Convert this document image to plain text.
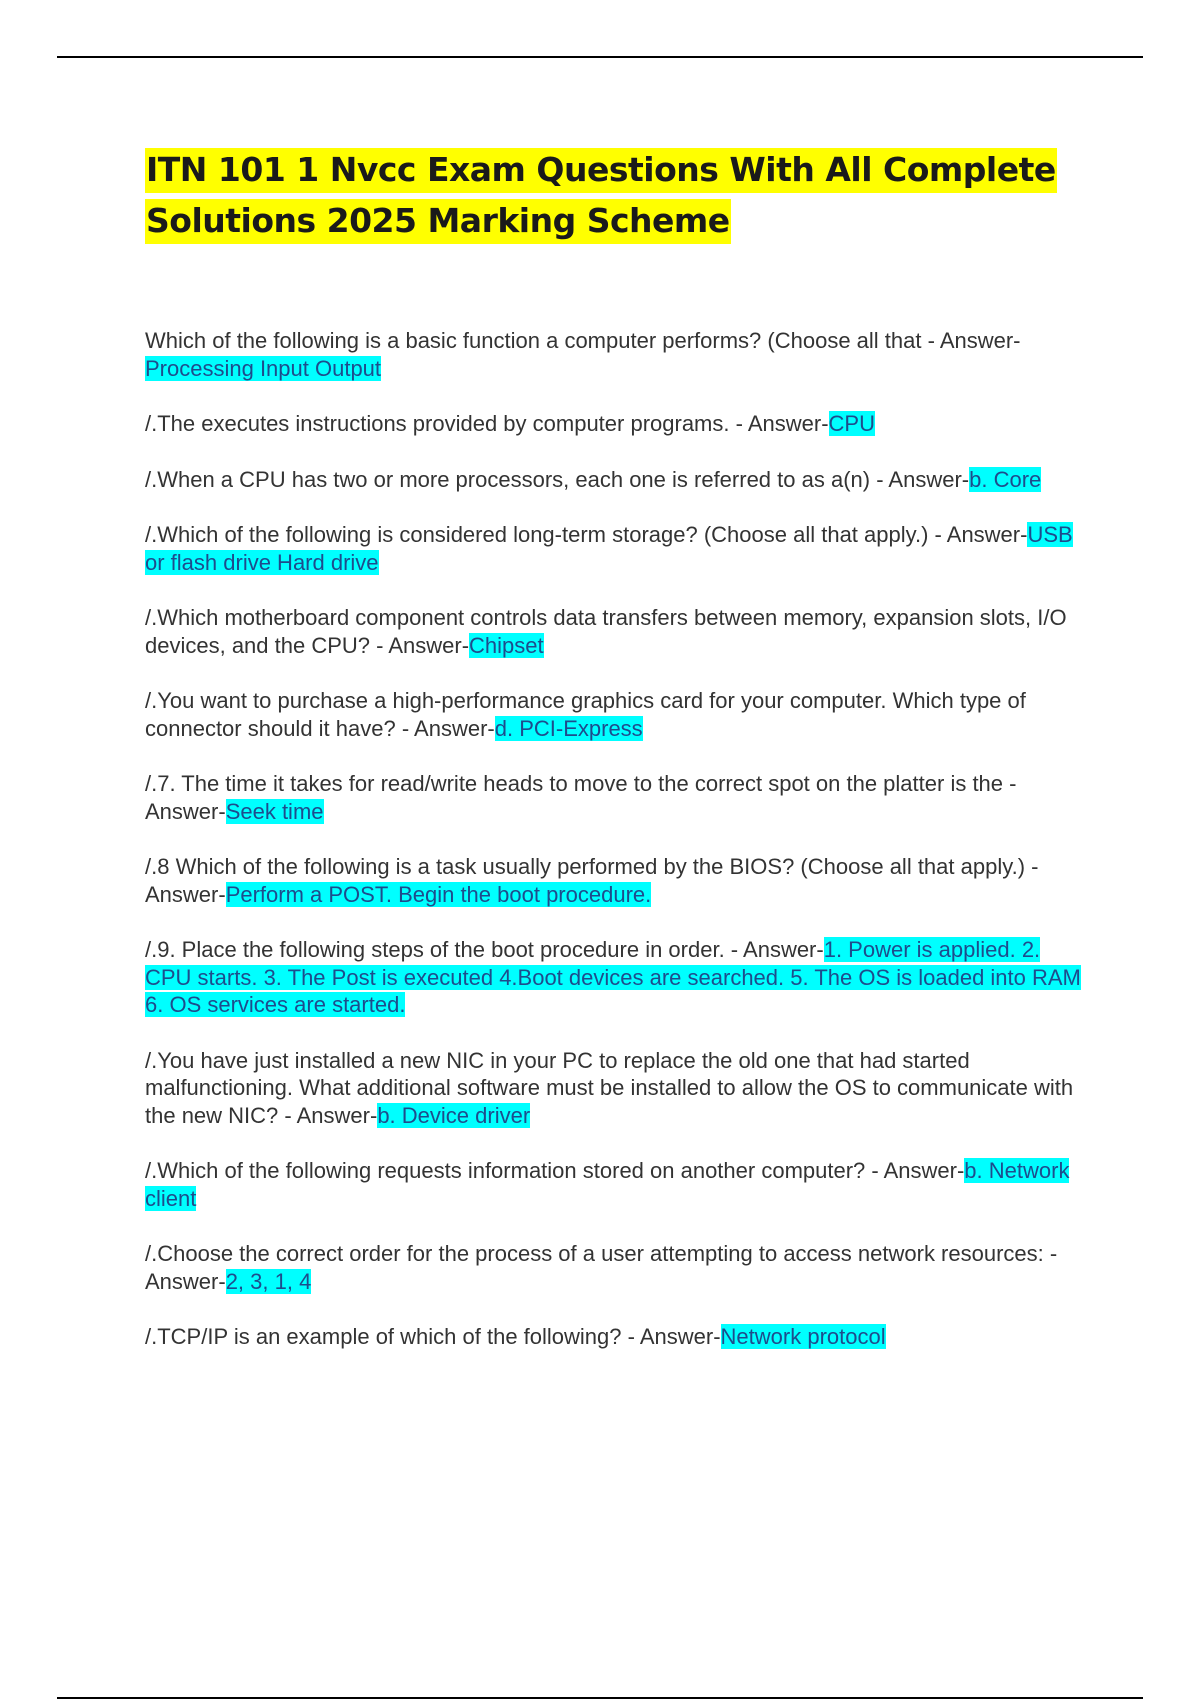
ITN 101 1 Nvcc Exam Questions With All Complete Solutions 2025 Marking Scheme
Which of the following is a basic function a computer performs? (Choose all that - Answer-Processing Input Output
/.The executes instructions provided by computer programs. - Answer-CPU
/.When a CPU has two or more processors, each one is referred to as a(n) - Answer-b. Core
/.Which of the following is considered long-term storage? (Choose all that apply.) - Answer-USB or flash drive Hard drive
/.Which motherboard component controls data transfers between memory, expansion slots, I/O devices, and the CPU? - Answer-Chipset
/.You want to purchase a high-performance graphics card for your computer. Which type of connector should it have? - Answer-d. PCI-Express
/.7. The time it takes for read/write heads to move to the correct spot on the platter is the - Answer-Seek time
/.8 Which of the following is a task usually performed by the BIOS? (Choose all that apply.) - Answer-Perform a POST. Begin the boot procedure.
/.9. Place the following steps of the boot procedure in order. - Answer-1. Power is applied. 2. CPU starts. 3. The Post is executed 4.Boot devices are searched. 5. The OS is loaded into RAM 6. OS services are started.
/.You have just installed a new NIC in your PC to replace the old one that had started malfunctioning. What additional software must be installed to allow the OS to communicate with the new NIC? - Answer-b. Device driver
/.Which of the following requests information stored on another computer? - Answer-b. Network client
/.Choose the correct order for the process of a user attempting to access network resources: - Answer-2, 3, 1, 4
/.TCP/IP is an example of which of the following? - Answer-Network protocol
